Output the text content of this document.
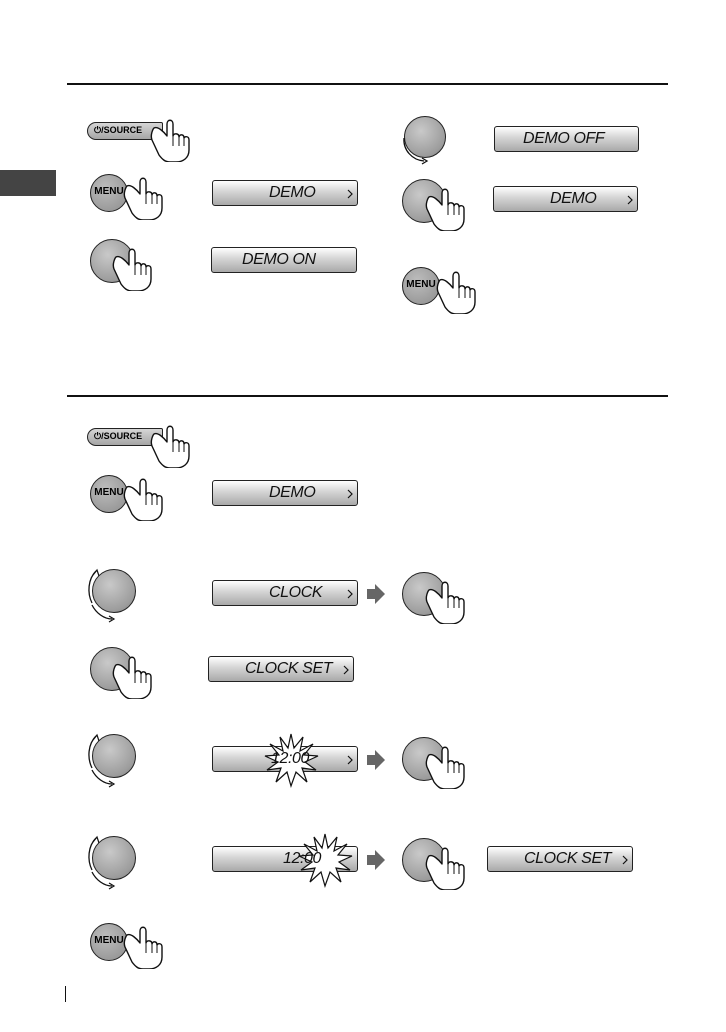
⏻/SOURCE
MENU	DEMO
DEMO ON
DEMO OFF
DEMO
MENU
⏻/SOURCE
MENU	DEMO
CLOCK
CLOCK SET
12:00
12:00	CLOCK SET
MENU
